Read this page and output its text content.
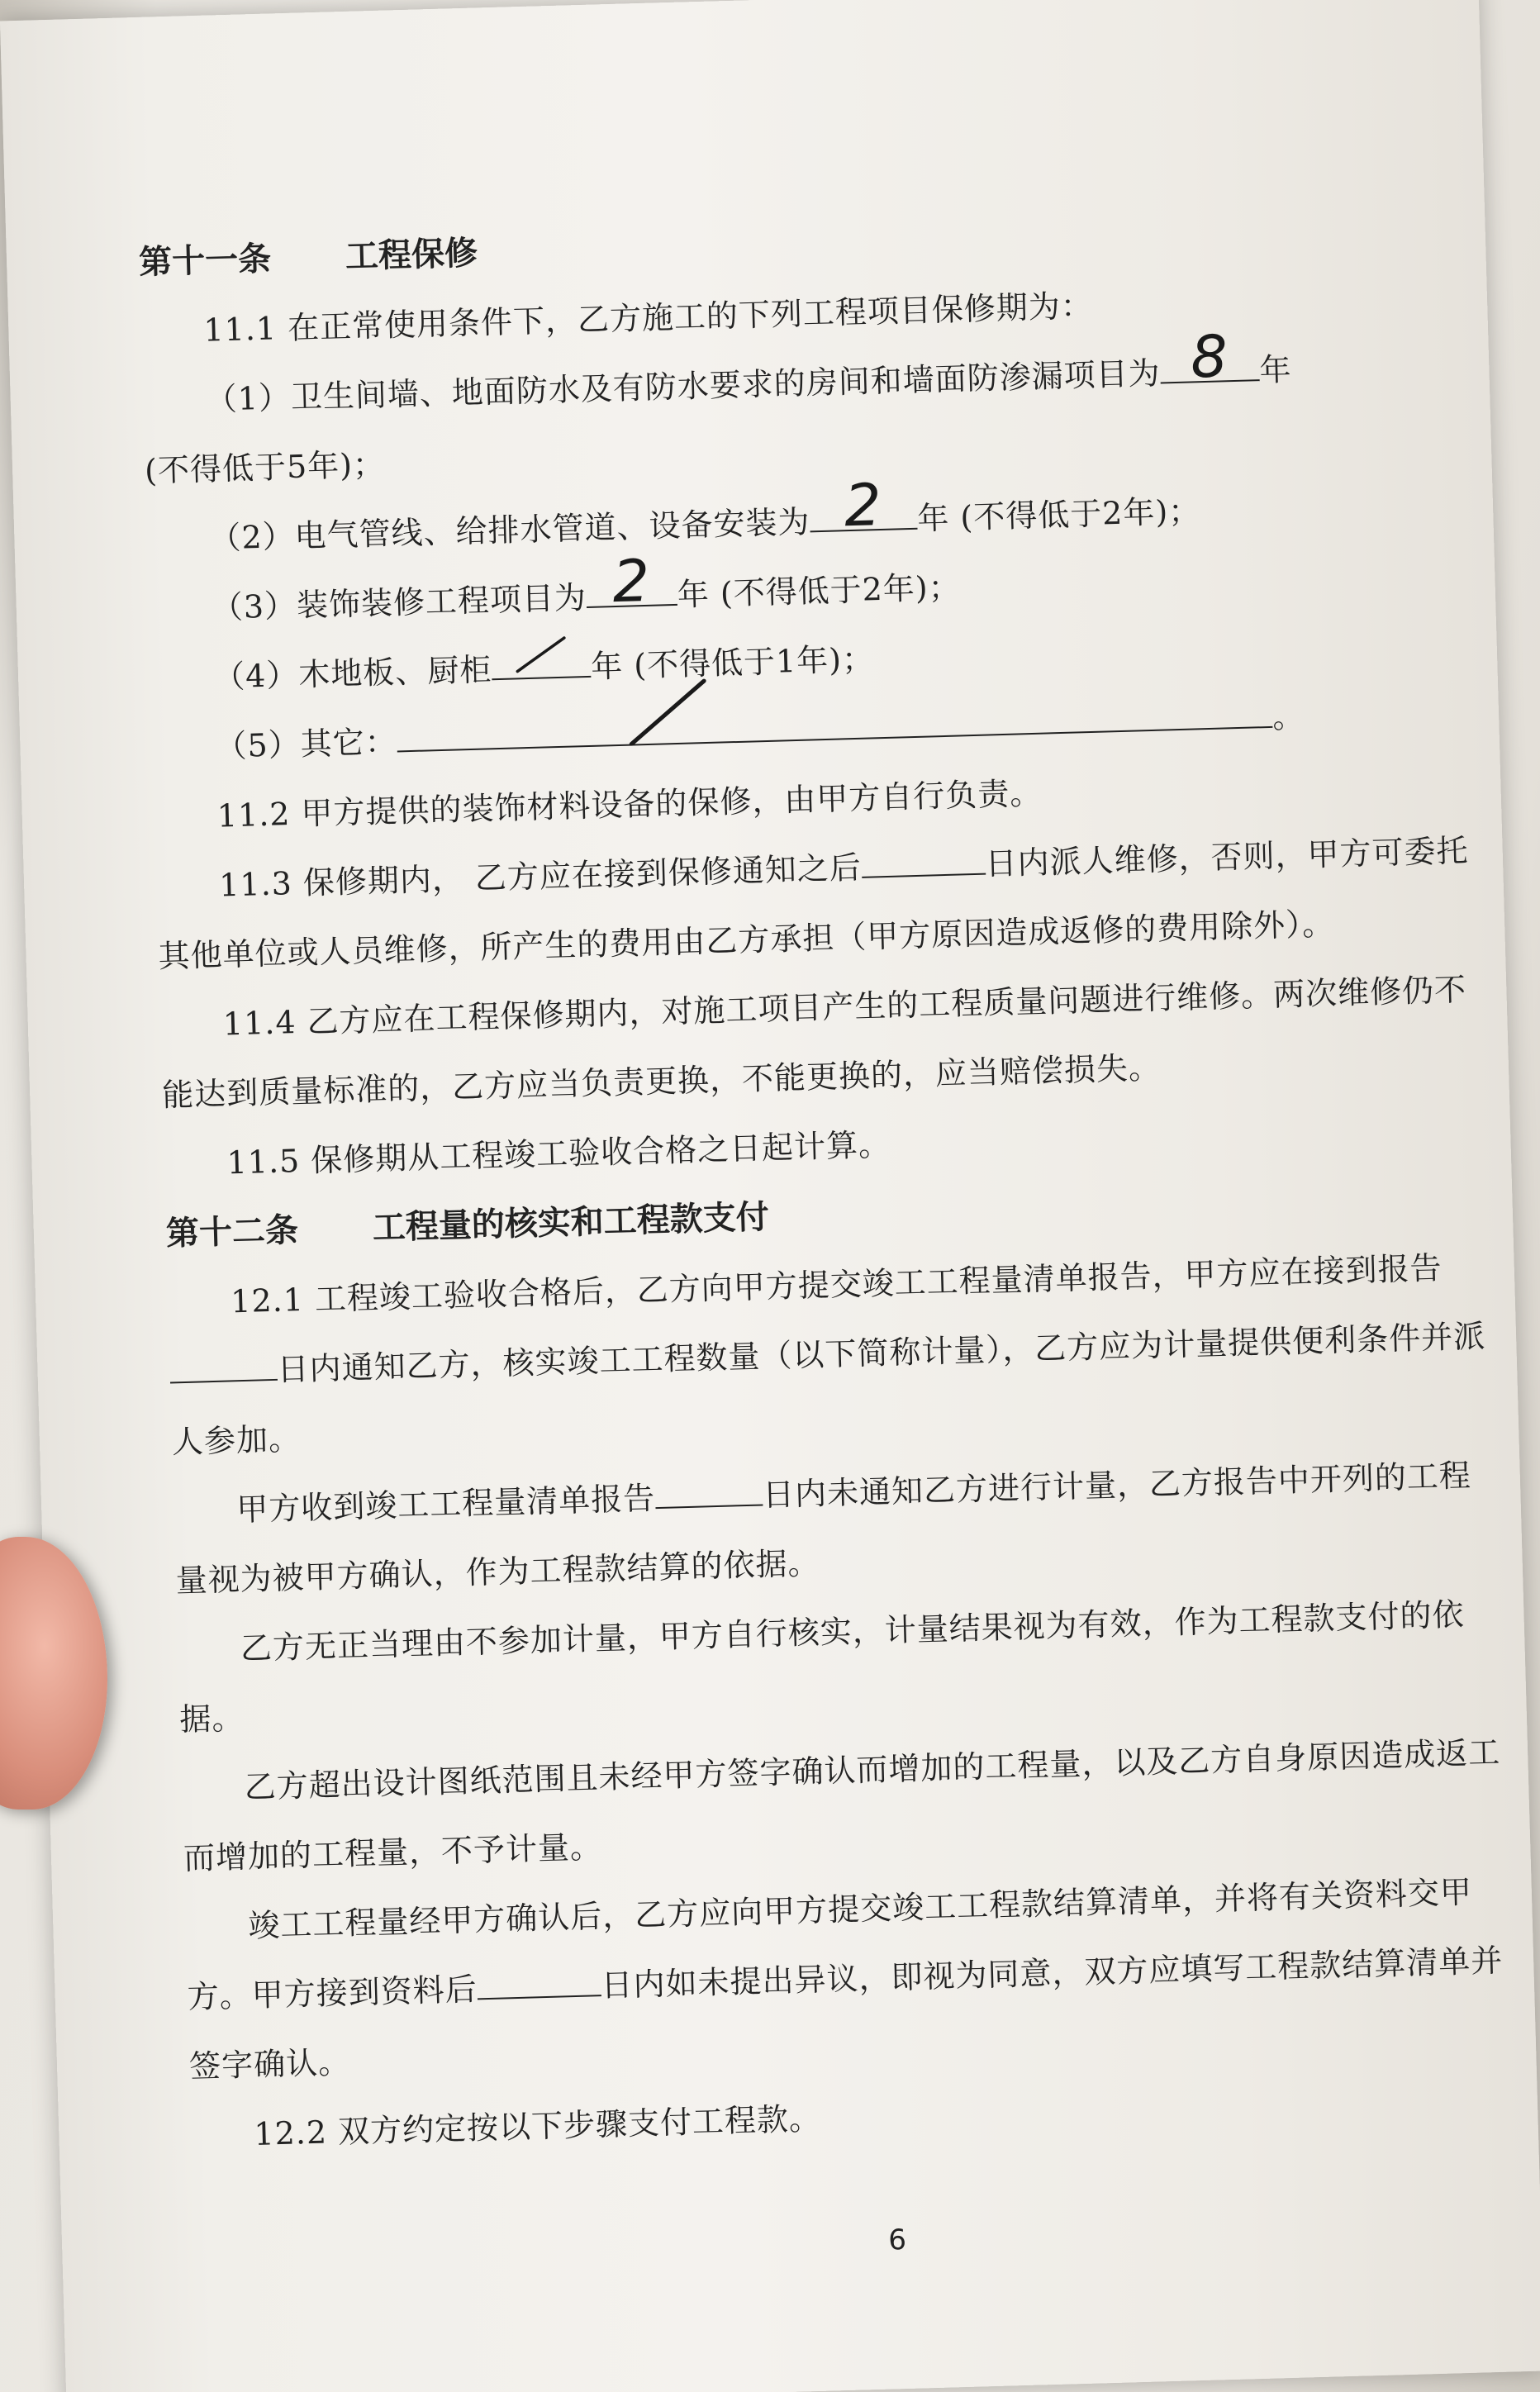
第十一条 工程保修

11.1 在正常使用条件下，乙方施工的下列工程项目保修期为：

（1）卫生间墙、地面防水及有防水要求的房间和墙面防渗漏项目为 8 年

(不得低于5年)；

（2）电气管线、给排水管道、设备安装为 2	年 (不得低于2年)；

（3）装饰装修工程项目为 2 年 (不得低于2年)；

（4）木地板、厨柜	年 (不得低于1年)；

（5）其它：
。

11.2 甲方提供的装饰材料设备的保修，由甲方自行负责。

11.3 保修期内， 乙方应在接到保修通知之后	日内派人维修，否则，甲方可委托其他单位或人员维修，所产生的费用由乙方承担（甲方原因造成返修的费用除外）。

11.4 乙方应在工程保修期内，对施工项目产生的工程质量问题进行维修。两次维修仍不能达到质量标准的，乙方应当负责更换，不能更换的，应当赔偿损失。

11.5 保修期从工程竣工验收合格之日起计算。

第十二条 工程量的核实和工程款支付

12.1 工程竣工验收合格后，乙方向甲方提交竣工工程量清单报告，甲方应在接到报告日内通知乙方，核实竣工工程数量（以下简称计量），乙方应为计量提供便利条件并派人参加。

甲方收到竣工工程量清单报告	日内未通知乙方进行计量，乙方报告中开列的工程量视为被甲方确认，作为工程款结算的依据。

乙方无正当理由不参加计量，甲方自行核实，计量结果视为有效，作为工程款支付的依据。

乙方超出设计图纸范围且未经甲方签字确认而增加的工程量，以及乙方自身原因造成返工而增加的工程量，不予计量。

竣工工程量经甲方确认后，乙方应向甲方提交竣工工程款结算清单，并将有关资料交甲方。甲方接到资料后	日内如未提出异议，即视为同意，双方应填写工程款结算清单并签字确认。

12.2 双方约定按以下步骤支付工程款。

6
